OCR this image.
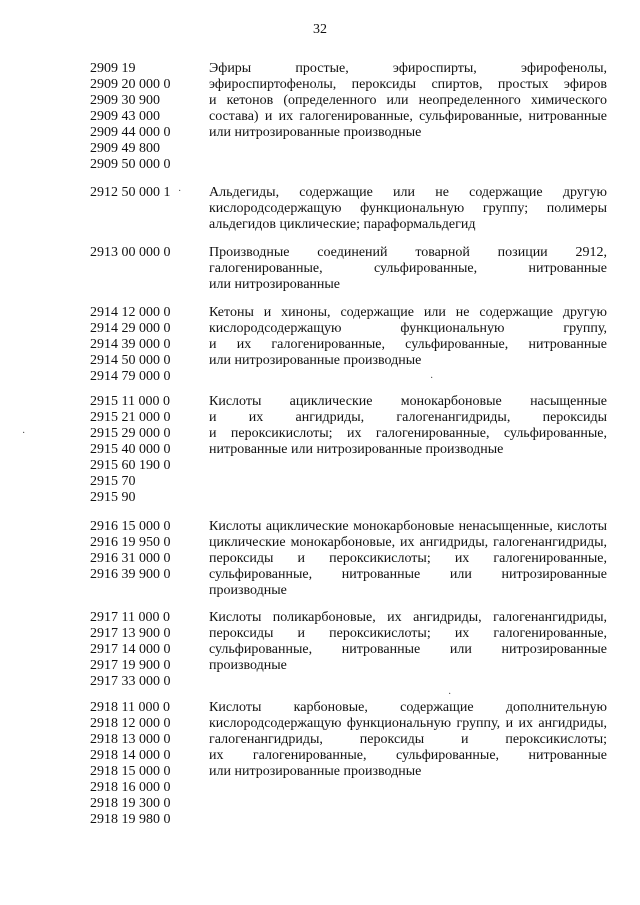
32
2909 19
2909 20 000 0
2909 30 900
2909 43 000
2909 44 000 0
2909 49 800
2909 50 000 0
Эфиры простые, эфироспирты, эфирофенолы,
эфироспиртофенолы, пероксиды спиртов, простых эфиров
и кетонов (определенного или неопределенного химического
состава) и их галогенированные, сульфированные, нитрованные
или нитрозированные производные
2912 50 000 1	Альдегиды, содержащие или не содержащие другую
кислородсодержащую функциональную группу; полимеры
альдегидов циклические; параформальдегид
2913 00 000 0	Производные соединений товарной позиции 2912,
галогенированные, сульфированные, нитрованные
или нитрозированные
2914 12 000 0
2914 29 000 0
2914 39 000 0
2914 50 000 0
2914 79 000 0
Кетоны и хиноны, содержащие или не содержащие другую
кислородсодержащую функциональную группу,
и их галогенированные, сульфированные, нитрованные
или нитрозированные производные
2915 11 000 0
2915 21 000 0
2915 29 000 0
2915 40 000 0
2915 60 190 0
2915 70
2915 90
Кислоты ациклические монокарбоновые насыщенные
и их ангидриды, галогенангидриды, пероксиды
и пероксикислоты; их галогенированные, сульфированные,
нитрованные или нитрозированные производные
2916 15 000 0
2916 19 950 0
2916 31 000 0
2916 39 900 0
Кислоты ациклические монокарбоновые ненасыщенные, кислоты
циклические монокарбоновые, их ангидриды, галогенангидриды,
пероксиды и пероксикислоты; их галогенированные,
сульфированные, нитрованные или нитрозированные
производные
2917 11 000 0
2917 13 900 0
2917 14 000 0
2917 19 900 0
2917 33 000 0
Кислоты поликарбоновые, их ангидриды, галогенангидриды,
пероксиды и пероксикислоты; их галогенированные,
сульфированные, нитрованные или нитрозированные
производные
2918 11 000 0
2918 12 000 0
2918 13 000 0
2918 14 000 0
2918 15 000 0
2918 16 000 0
2918 19 300 0
2918 19 980 0
Кислоты карбоновые, содержащие дополнительную
кислородсодержащую функциональную группу, и их ангидриды,
галогенангидриды, пероксиды и пероксикислоты;
их галогенированные, сульфированные, нитрованные
или нитрозированные производные
·
·
·
·
